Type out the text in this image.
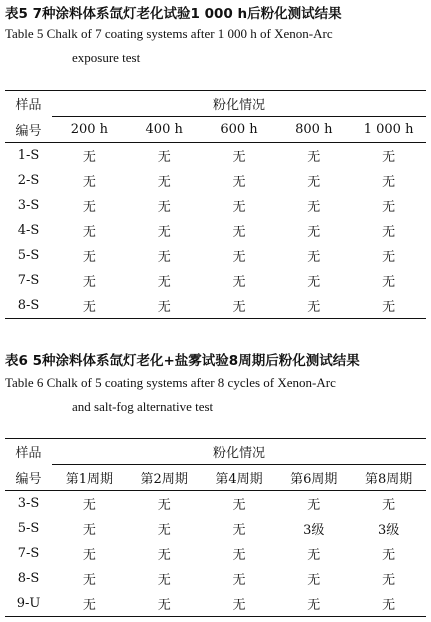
表5 7种涂料体系氙灯老化试验1 000 h后粉化测试结果
Table 5 Chalk of 7 coating systems after 1 000 h of Xenon-Arc
exposure test
样品	粉化情况				
编号	200 h	400 h	600 h	800 h	1 000 h
1-S	无	无	无	无	无
2-S	无	无	无	无	无
3-S	无	无	无	无	无
4-S	无	无	无	无	无
5-S	无	无	无	无	无
7-S	无	无	无	无	无
8-S	无	无	无	无	无
表6 5种涂料体系氙灯老化+盐雾试验8周期后粉化测试结果
Table 6 Chalk of 5 coating systems after 8 cycles of Xenon-Arc
and salt-fog alternative test
样品	粉化情况				
编号	第1周期	第2周期	第4周期	第6周期	第8周期
3-S	无	无	无	无	无
5-S	无	无	无	3级	3级
7-S	无	无	无	无	无
8-S	无	无	无	无	无
9-U	无	无	无	无	无
